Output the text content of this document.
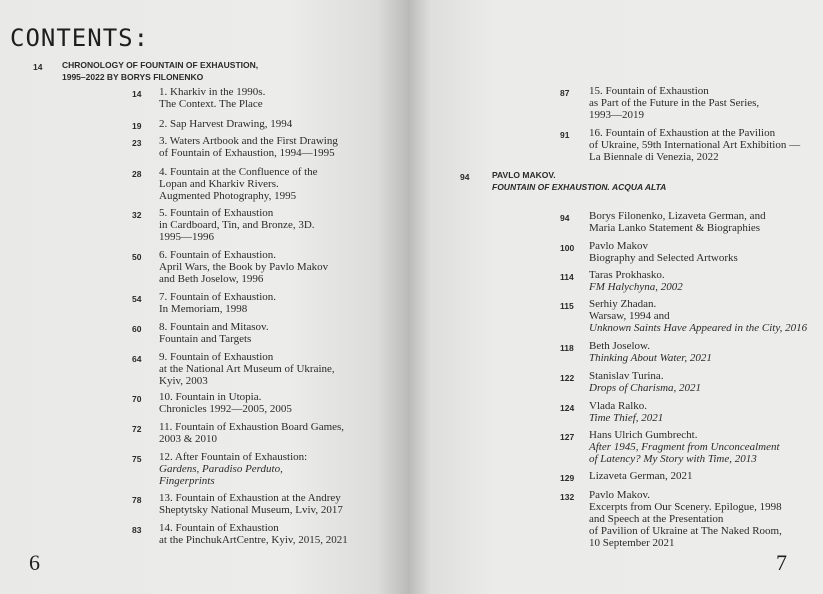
CONTENTS:
14 CHRONOLOGY OF FOUNTAIN OF EXHAUSTION,
1995–2022 BY BORYS FILONENKO
14 1. Kharkiv in the 1990s.
The Context. The Place
19 2. Sap Harvest Drawing, 1994
23 3. Waters Artbook and the First Drawing
of Fountain of Exhaustion, 1994—1995
28 4. Fountain at the Confluence of the
Lopan and Kharkiv Rivers.
Augmented Photography, 1995
32 5. Fountain of Exhaustion
in Cardboard, Tin, and Bronze, 3D.
1995—1996
50 6. Fountain of Exhaustion.
April Wars, the Book by Pavlo Makov
and Beth Joselow, 1996
54 7. Fountain of Exhaustion.
In Memoriam, 1998
60 8. Fountain and Mitasov.
Fountain and Targets
64 9. Fountain of Exhaustion
at the National Art Museum of Ukraine,
Kyiv, 2003
70 10. Fountain in Utopia.
Chronicles 1992—2005, 2005
72 11. Fountain of Exhaustion Board Games,
2003 & 2010
75 12. After Fountain of Exhaustion:
Gardens, Paradiso Perduto,
Fingerprints
78 13. Fountain of Exhaustion at the Andrey
Sheptytsky National Museum, Lviv, 2017
83 14. Fountain of Exhaustion
at the PinchukArtCentre, Kyiv, 2015, 2021
6
87 15. Fountain of Exhaustion
as Part of the Future in the Past Series,
1993—2019
91 16. Fountain of Exhaustion at the Pavilion
of Ukraine, 59th International Art Exhibition —
La Biennale di Venezia, 2022
94	PAVLO MAKOV.
FOUNTAIN OF EXHAUSTION. ACQUA ALTA
94 Borys Filonenko, Lizaveta German, and
Maria Lanko Statement & Biographies
100 Pavlo Makov
Biography and Selected Artworks
114 Taras Prokhasko.
FM Halychyna, 2002
115 Serhiy Zhadan.
Warsaw, 1994 and
Unknown Saints Have Appeared in the City, 2016
118 Beth Joselow.
Thinking About Water, 2021
122 Stanislav Turina.
Drops of Charisma, 2021
124 Vlada Ralko.
Time Thief, 2021
127 Hans Ulrich Gumbrecht.
After 1945, Fragment from Unconcealment
of Latency? My Story with Time, 2013
129 Lizaveta German, 2021
132 Pavlo Makov.
Excerpts from Our Scenery. Epilogue, 1998
and Speech at the Presentation
of Pavilion of Ukraine at The Naked Room,
10 September 2021
7
